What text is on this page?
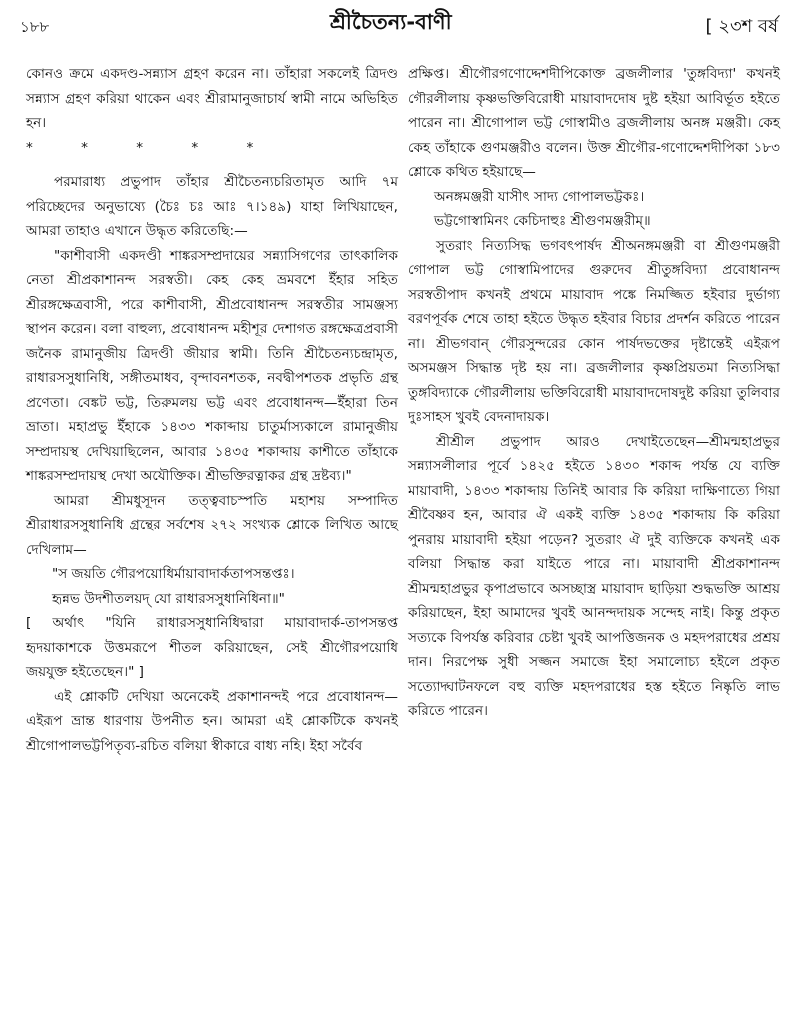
১৮৮	শ্রীচৈতন্য-বাণী	[ ২৩শ বর্ষ

কোনও ক্রমে একদণ্ড-সন্ন্যাস গ্রহণ করেন না। তাঁহারা সকলেই ত্রিদণ্ড সন্ন্যাস গ্রহণ করিয়া থাকেন এবং শ্রীরামানুজাচার্য স্বামী নামে অভিহিত হন।

* * * * *

পরমারাধ্য প্রভুপাদ তাঁহার শ্রীচৈতন্যচরিতামৃত আদি ৭ম পরিচ্ছেদের অনুভাষ্যে (চৈঃ চঃ আঃ ৭।১৪৯) যাহা লিখিয়াছেন, আমরা তাহাও এখানে উদ্ধৃত করিতেছি:—

"কাশীবাসী একদণ্ডী শাঙ্করসম্প্রদায়ের সন্ন্যাসিগণের তাৎকালিক নেতা শ্রীপ্রকাশানন্দ সরস্বতী। কেহ কেহ ভ্রমবশে ইঁহার সহিত শ্রীরঙ্গক্ষেত্রবাসী, পরে কাশীবাসী, শ্রীপ্রবোধানন্দ সরস্বতীর সামঞ্জস্য স্থাপন করেন। বলা বাহুল্য, প্রবোধানন্দ মহীশূর দেশাগত রঙ্গক্ষেত্রপ্রবাসী জনৈক রামানুজীয় ত্রিদণ্ডী জীয়ার স্বামী। তিনি শ্রীচৈতন্যচন্দ্রামৃত, রাধারসসুধানিধি, সঙ্গীতমাধব, বৃন্দাবনশতক, নবদ্বীপশতক প্রভৃতি গ্রন্থ প্রণেতা। বেঙ্কট ভট্ট, তিরুমলয় ভট্ট এবং প্রবোধানন্দ—ইঁহারা তিন ভ্রাতা। মহাপ্রভু ইঁহাকে ১৪৩৩ শকাব্দায় চাতুর্মাস্যকালে রামানুজীয় সম্প্রদায়স্থ দেখিয়াছিলেন, আবার ১৪৩৫ শকাব্দায় কাশীতে তাঁহাকে শাঙ্করসম্প্রদায়স্থ দেখা অযৌক্তিক। শ্রীভক্তিরত্নাকর গ্রন্থ দ্রষ্টব্য।"

আমরা শ্রীমধুসূদন তত্ত্ববাচস্পতি মহাশয় সম্পাদিত শ্রীরাধারসসুধানিধি গ্রন্থের সর্বশেষ ২৭২ সংখ্যক শ্লোকে লিখিত আছে দেখিলাম—

"স জয়তি গৌরপয়োধির্মায়াবাদার্কতাপসন্তপ্তঃ।

হৃন্নভ উদশীতলয়দ্ যো রাধারসসুধানিধিনা॥"

[ অর্থাৎ "যিনি রাধারসসুধানিধিদ্বারা মায়াবাদার্ক-তাপসন্তপ্ত হৃদয়াকাশকে উত্তমরূপে শীতল করিয়াছেন, সেই শ্রীগৌরপয়োধি জয়যুক্ত হইতেছেন।" ]

এই শ্লোকটি দেখিয়া অনেকেই প্রকাশানন্দই পরে প্রবোধানন্দ—এইরূপ ভ্রান্ত ধারণায় উপনীত হন। আমরা এই শ্লোকটিকে কখনই শ্রীগোপালভট্টপিতৃব্য-রচিত বলিয়া স্বীকারে বাধ্য নহি। ইহা সর্বৈব

প্রক্ষিপ্ত। শ্রীগৌরগণোদ্দেশদীপিকোক্ত ব্রজলীলার 'তুঙ্গবিদ্যা' কখনই গৌরলীলায় কৃষ্ণভক্তিবিরোধী মায়াবাদদোষ দুষ্ট হইয়া আবির্ভূত হইতে পারেন না। শ্রীগোপাল ভট্ট গোস্বামীও ব্রজলীলায় অনঙ্গ মঞ্জরী। কেহ কেহ তাঁহাকে গুণমঞ্জরীও বলেন। উক্ত শ্রীগৌর-গণোদ্দেশদীপিকা ১৮৩ শ্লোকে কথিত হইয়াছে—

অনঙ্গমঞ্জরী যাসীৎ সাদ্য গোপালভট্টকঃ।

ভট্টগোস্বামিনং কেচিদাহুঃ শ্রীগুণমঞ্জরীম্॥

সুতরাং নিত্যসিদ্ধ ভগবৎপার্ষদ শ্রীঅনঙ্গমঞ্জরী বা শ্রীগুণমঞ্জরী গোপাল ভট্ট গোস্বামিপাদের গুরুদেব শ্রীতুঙ্গবিদ্যা প্রবোধানন্দ সরস্বতীপাদ কখনই প্রথমে মায়াবাদ পঙ্কে নিমজ্জিত হইবার দুর্ভাগ্য বরণপূর্বক শেষে তাহা হইতে উদ্ধৃত হইবার বিচার প্রদর্শন করিতে পারেন না। শ্রীভগবান্ গৌরসুন্দরের কোন পার্ষদভক্তের দৃষ্টান্তেই এইরূপ অসমঞ্জস সিদ্ধান্ত দৃষ্ট হয় না। ব্রজলীলার কৃষ্ণপ্রিয়তমা নিত্যসিদ্ধা তুঙ্গবিদ্যাকে গৌরলীলায় ভক্তিবিরোধী মায়াবাদদোষদুষ্ট করিয়া তুলিবার দুঃসাহস খুবই বেদনাদায়ক।

শ্রীশ্রীল প্রভুপাদ আরও দেখাইতেছেন—শ্রীমন্মহাপ্রভুর সন্ন্যাসলীলার পূর্বে ১৪২৫ হইতে ১৪৩০ শকাব্দ পর্যন্ত যে ব্যক্তি মায়াবাদী, ১৪৩৩ শকাব্দায় তিনিই আবার কি করিয়া দাক্ষিণাত্যে গিয়া শ্রীবৈষ্ণব হন, আবার ঐ একই ব্যক্তি ১৪৩৫ শকাব্দায় কি করিয়া পুনরায় মায়াবাদী হইয়া পড়েন? সুতরাং ঐ দুই ব্যক্তিকে কখনই এক বলিয়া সিদ্ধান্ত করা যাইতে পারে না। মায়াবাদী শ্রীপ্রকাশানন্দ শ্রীমন্মহাপ্রভুর কৃপাপ্রভাবে অসচ্ছাস্ত্র মায়াবাদ ছাড়িয়া শুদ্ধভক্তি আশ্রয় করিয়াছেন, ইহা আমাদের খুবই আনন্দদায়ক সন্দেহ নাই। কিন্তু প্রকৃত সত্যকে বিপর্যস্ত করিবার চেষ্টা খুবই আপত্তিজনক ও মহদপরাধের প্রশ্রয় দান। নিরপেক্ষ সুধী সজ্জন সমাজে ইহা সমালোচ্য হইলে প্রকৃত সত্যোদ্ঘাটনফলে বহু ব্যক্তি মহদপরাধের হস্ত হইতে নিষ্কৃতি লাভ করিতে পারেন।
